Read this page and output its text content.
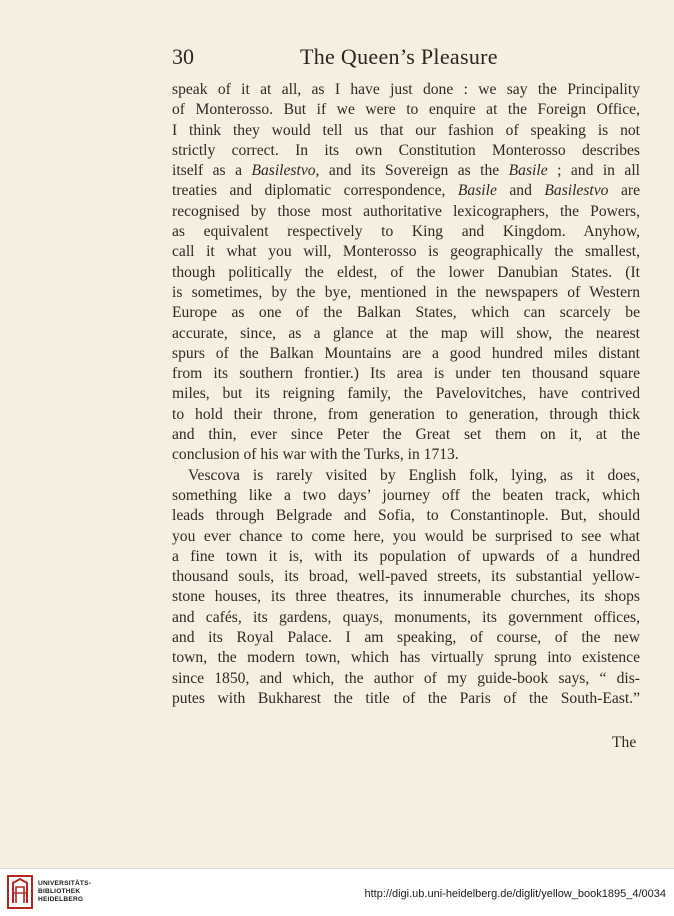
30	The Queen’s Pleasure
speak of it at all, as I have just done : we say the Principality
of Monterosso. But if we were to enquire at the Foreign Office,
I think they would tell us that our fashion of speaking is not
strictly correct. In its own Constitution Monterosso describes
itself as a Basilestvo, and its Sovereign as the Basile ; and in all
treaties and diplomatic correspondence, Basile and Basilestvo are
recognised by those most authoritative lexicographers, the Powers,
as equivalent respectively to King and Kingdom. Anyhow,
call it what you will, Monterosso is geographically the smallest,
though politically the eldest, of the lower Danubian States. (It
is sometimes, by the bye, mentioned in the newspapers of Western
Europe as one of the Balkan States, which can scarcely be
accurate, since, as a glance at the map will show, the nearest
spurs of the Balkan Mountains are a good hundred miles distant
from its southern frontier.) Its area is under ten thousand square
miles, but its reigning family, the Pavelovitches, have contrived
to hold their throne, from generation to generation, through thick
and thin, ever since Peter the Great set them on it, at the
conclusion of his war with the Turks, in 1713.
Vescova is rarely visited by English folk, lying, as it does,
something like a two days’ journey off the beaten track, which
leads through Belgrade and Sofia, to Constantinople. But, should
you ever chance to come here, you would be surprised to see what
a fine town it is, with its population of upwards of a hundred
thousand souls, its broad, well-paved streets, its substantial yellow-
stone houses, its three theatres, its innumerable churches, its shops
and cafés, its gardens, quays, monuments, its government offices,
and its Royal Palace. I am speaking, of course, of the new
town, the modern town, which has virtually sprung into existence
since 1850, and which, the author of my guide-book says, “ dis-
putes with Bukharest the title of the Paris of the South-East.”
The
UNIVERSITÄTS-
BIBLIOTHEK
HEIDELBERG	http://digi.ub.uni-heidelberg.de/diglit/yellow_book1895_4/0034
